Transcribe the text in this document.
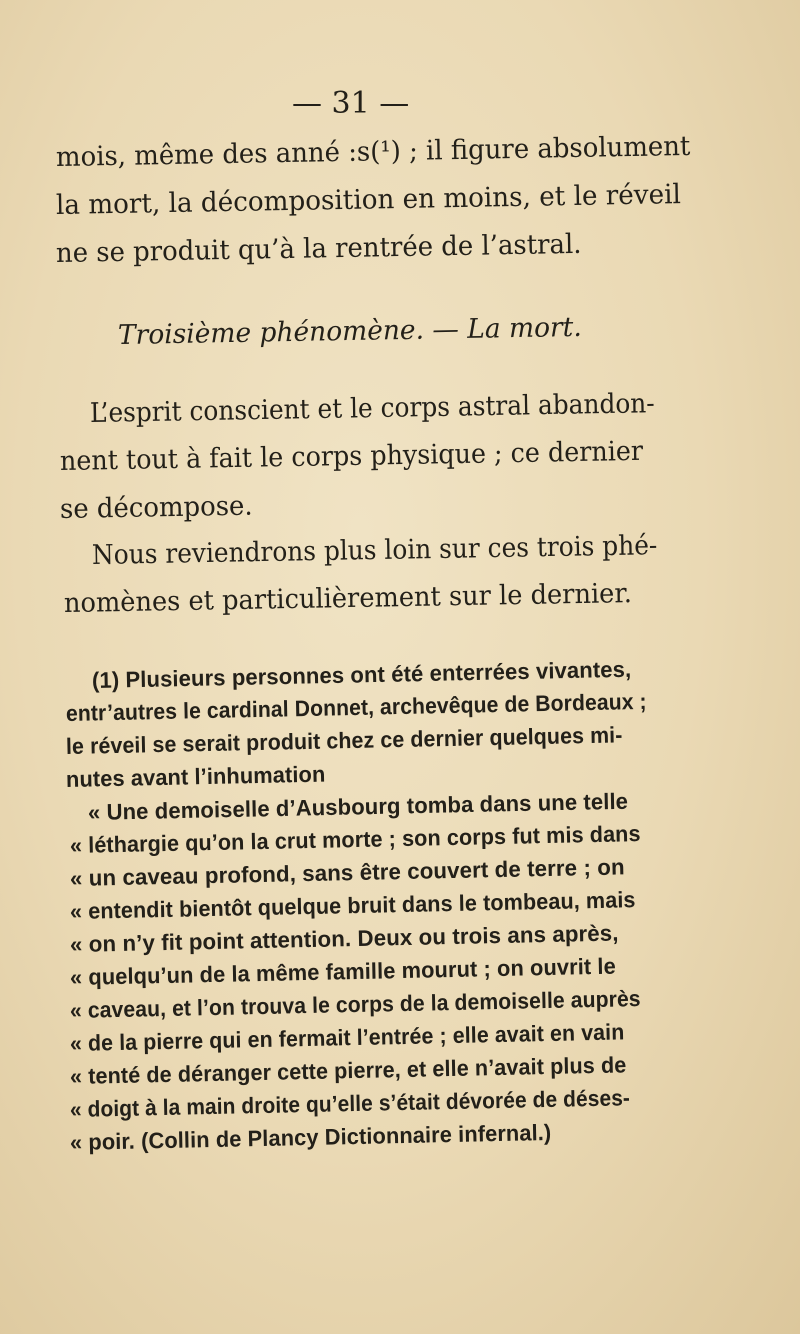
— 31 —
mois, même des anné :s(¹) ; il figure absolument
la mort, la décomposition en moins, et le réveil
ne se produit qu’à la rentrée de l’astral.
Troisième phénomène. — La mort.
L’esprit conscient et le corps astral abandon-
nent tout à fait le corps physique ; ce dernier
se décompose.
Nous reviendrons plus loin sur ces trois phé-
nomènes et particulièrement sur le dernier.
(1) Plusieurs personnes ont été enterrées vivantes,
entr’autres le cardinal Donnet, archevêque de Bordeaux ;
le réveil se serait produit chez ce dernier quelques mi-
nutes avant l’inhumation
« Une demoiselle d’Ausbourg tomba dans une telle
« léthargie qu’on la crut morte ; son corps fut mis dans
« un caveau profond, sans être couvert de terre ; on
« entendit bientôt quelque bruit dans le tombeau, mais
« on n’y fit point attention. Deux ou trois ans après,
« quelqu’un de la même famille mourut ; on ouvrit le
« caveau, et l’on trouva le corps de la demoiselle auprès
« de la pierre qui en fermait l’entrée ; elle avait en vain
« tenté de déranger cette pierre, et elle n’avait plus de
« doigt à la main droite qu’elle s’était dévorée de déses-
« poir. (Collin de Plancy Dictionnaire infernal.)
